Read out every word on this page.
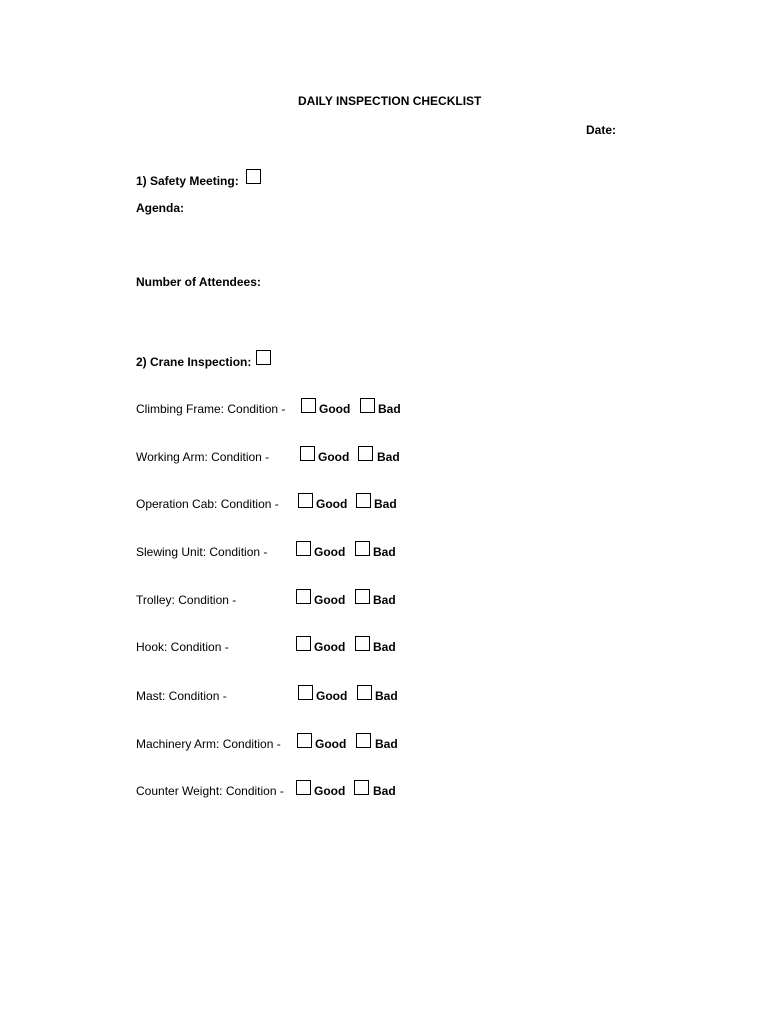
DAILY INSPECTION CHECKLIST
Date:
1) Safety Meeting:
Agenda:
Number of Attendees:
2) Crane Inspection:
Climbing Frame: Condition -	Good Bad
Working Arm: Condition -	Good Bad
Operation Cab: Condition -	Good Bad
Slewing Unit: Condition -	Good Bad
Trolley: Condition -	Good Bad
Hook: Condition -	Good Bad
Mast: Condition -	Good Bad
Machinery Arm: Condition -	Good Bad
Counter Weight: Condition -	Good Bad
